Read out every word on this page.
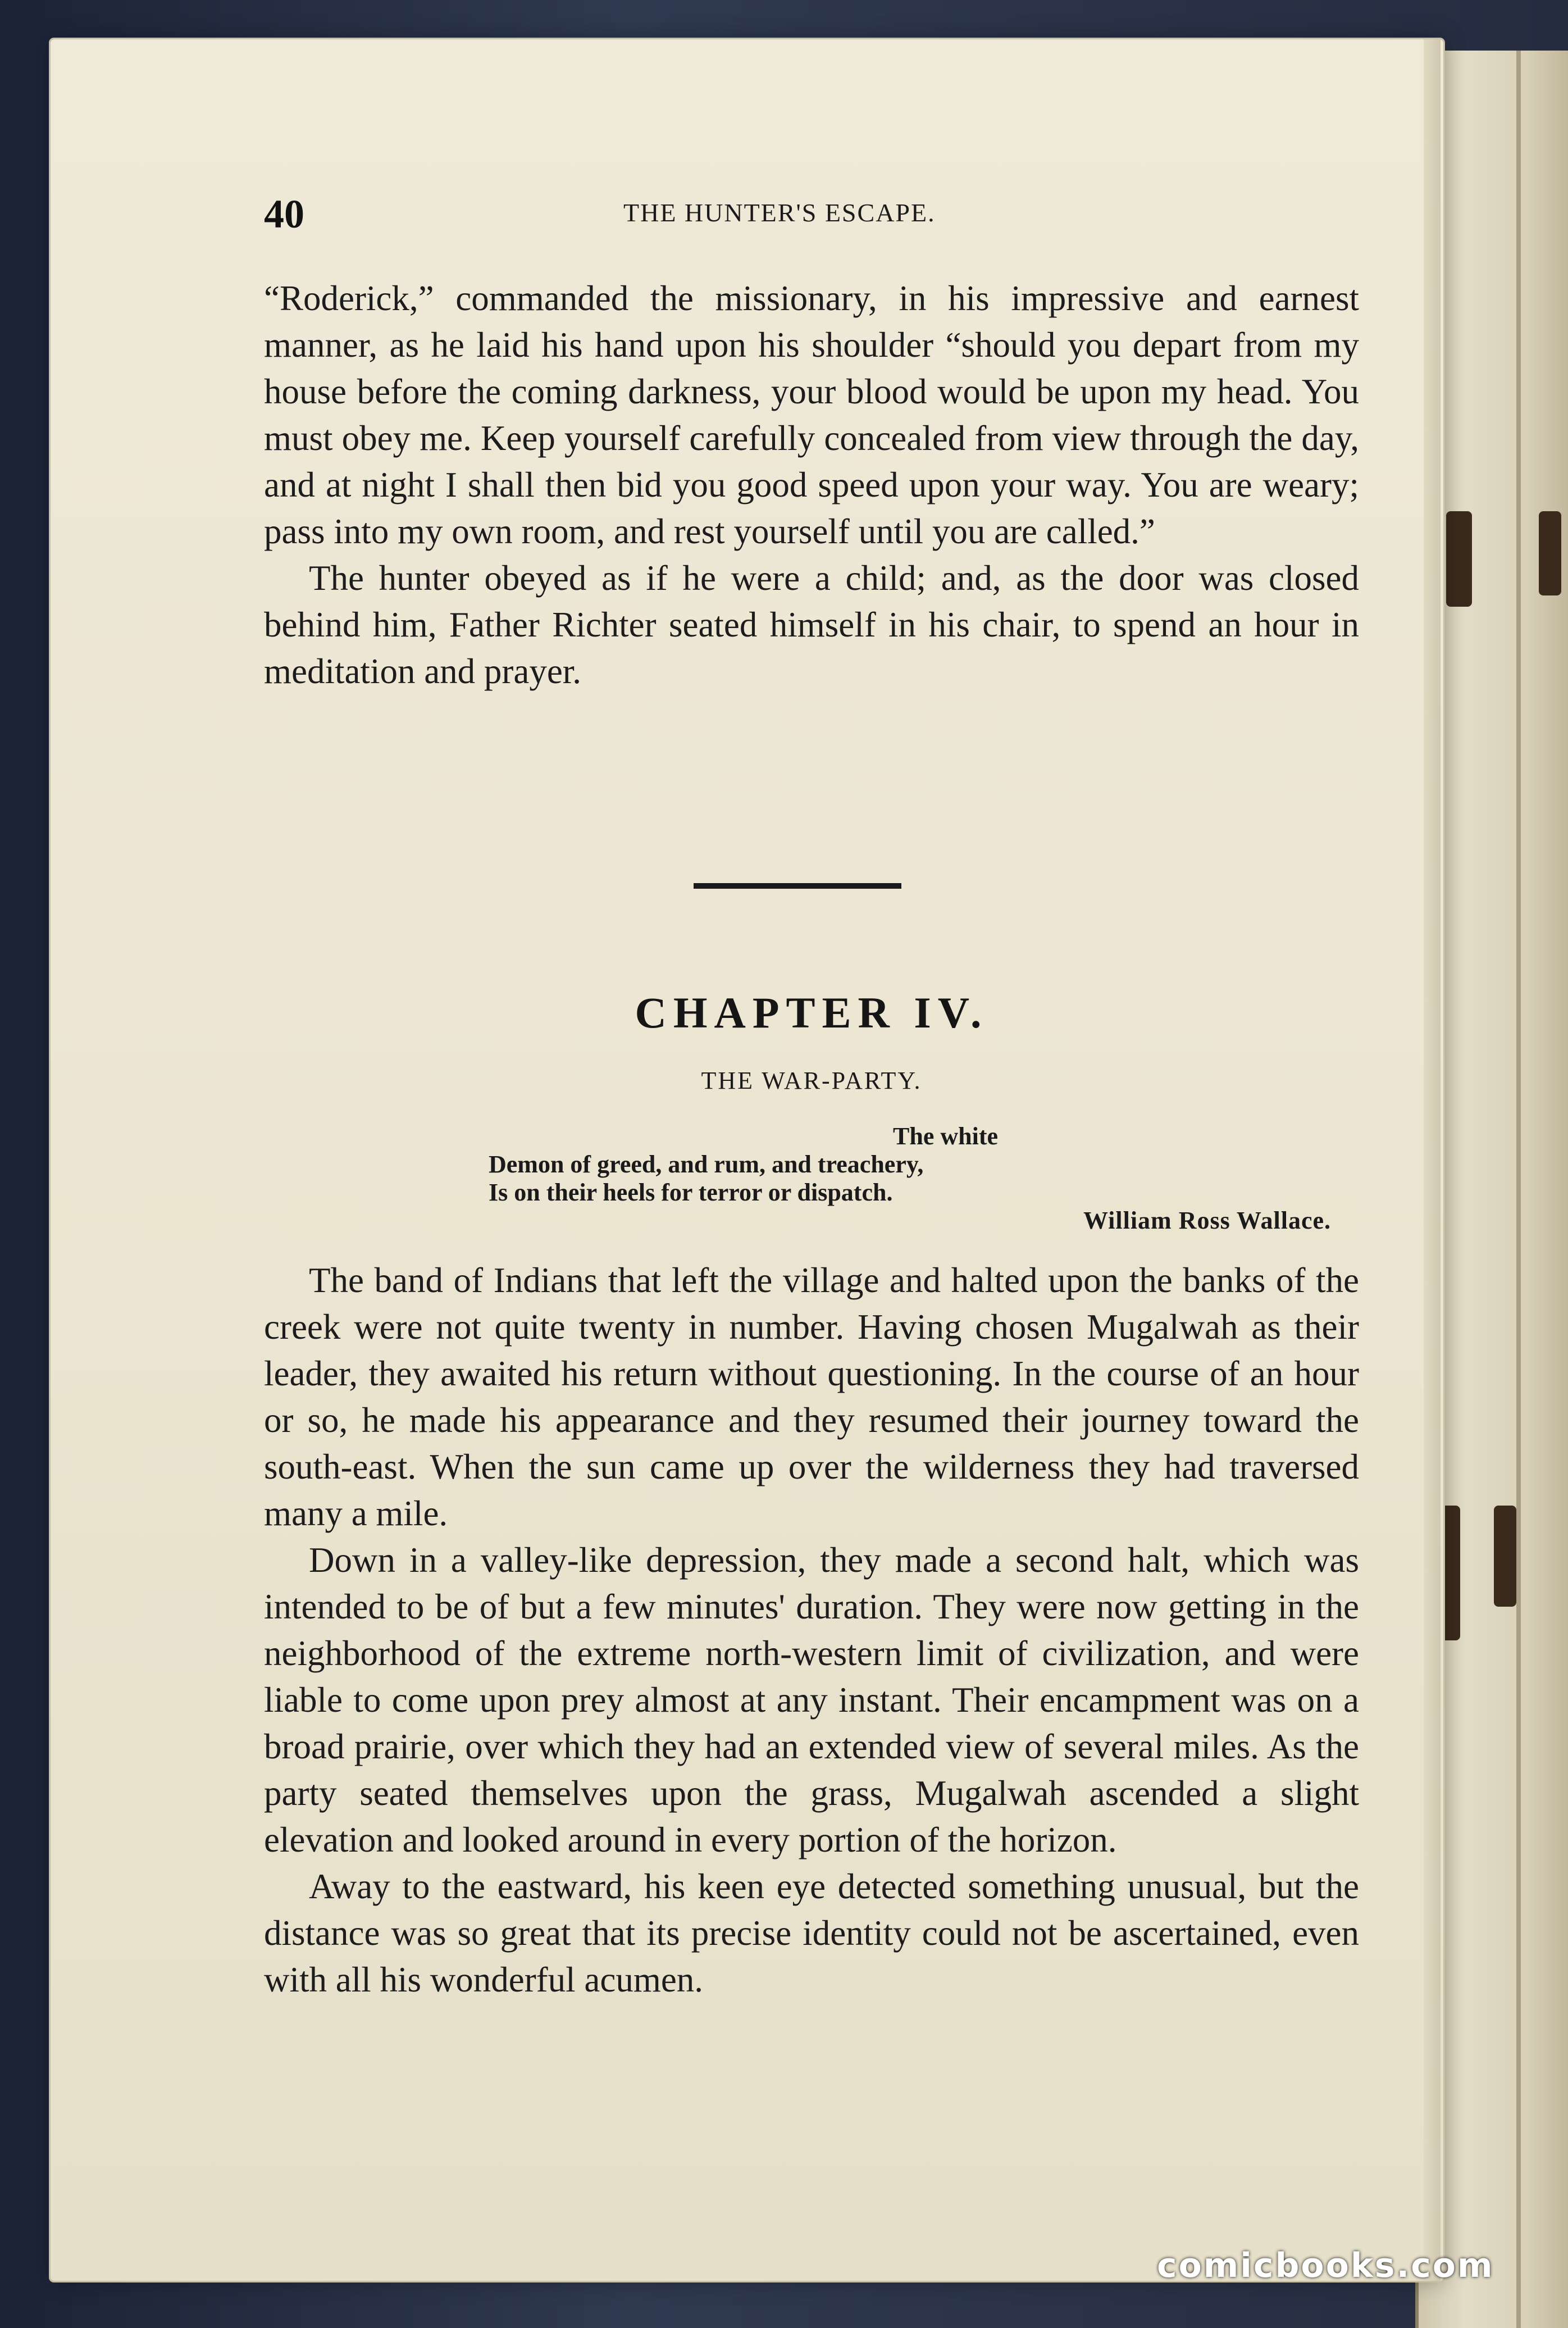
40	THE HUNTER'S ESCAPE.

“Roderick,” commanded the missionary, in his impressive and earnest manner, as he laid his hand upon his shoulder “should you depart from my house before the coming darkness, your blood would be upon my head. You must obey me. Keep yourself carefully concealed from view through the day, and at night I shall then bid you good speed upon your way. You are weary; pass into my own room, and rest yourself until you are called.”

The hunter obeyed as if he were a child; and, as the door was closed behind him, Father Richter seated himself in his chair, to spend an hour in meditation and prayer.

CHAPTER IV.
THE WAR-PARTY.
The white
Demon of greed, and rum, and treachery,
Is on their heels for terror or dispatch.
William Ross Wallace.

The band of Indians that left the village and halted upon the banks of the creek were not quite twenty in number. Having chosen Mugalwah as their leader, they awaited his return without questioning. In the course of an hour or so, he made his appearance and they resumed their journey toward the south-east. When the sun came up over the wilderness they had traversed many a mile.

Down in a valley-like depression, they made a second halt, which was intended to be of but a few minutes' duration. They were now getting in the neighborhood of the extreme north-western limit of civilization, and were liable to come upon prey almost at any instant. Their encampment was on a broad prairie, over which they had an extended view of several miles. As the party seated themselves upon the grass, Mugalwah ascended a slight elevation and looked around in every portion of the horizon.

Away to the eastward, his keen eye detected something unusual, but the distance was so great that its precise identity could not be ascertained, even with all his wonderful acumen.

comicbooks.com
